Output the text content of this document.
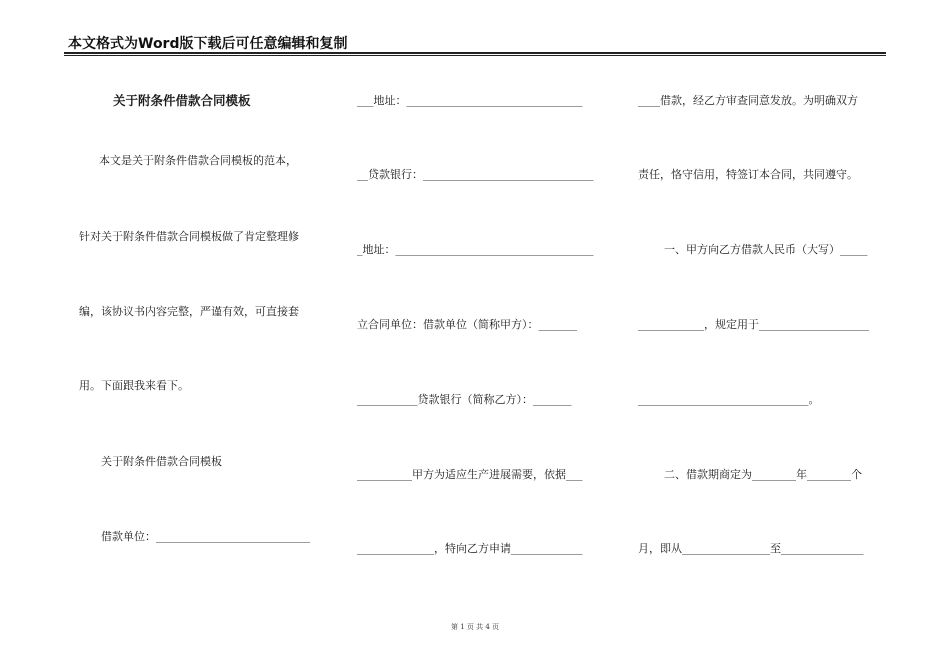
本文格式为Word版下载后可任意编辑和复制
关于附条件借款合同模板
本文是关于附条件借款合同模板的范本，
针对关于附条件借款合同模板做了肯定整理修
编，该协议书内容完整，严谨有效，可直接套
用。下面跟我来看下。
关于附条件借款合同模板
借款单位：____________________________
___地址：________________________________
__贷款银行：_______________________________
_地址：____________________________________
立合同单位：借款单位（简称甲方）：_______
___________贷款银行（简称乙方）：_______
__________甲方为适应生产进展需要，依据___
______________，特向乙方申请_____________
____借款，经乙方审查同意发放。为明确双方
责任，恪守信用，特签订本合同，共同遵守。
一、甲方向乙方借款人民币（大写）_____
____________，规定用于____________________
_______________________________。
二、借款期商定为________年________个
月，即从________________至_______________
第 1 页 共 4 页
